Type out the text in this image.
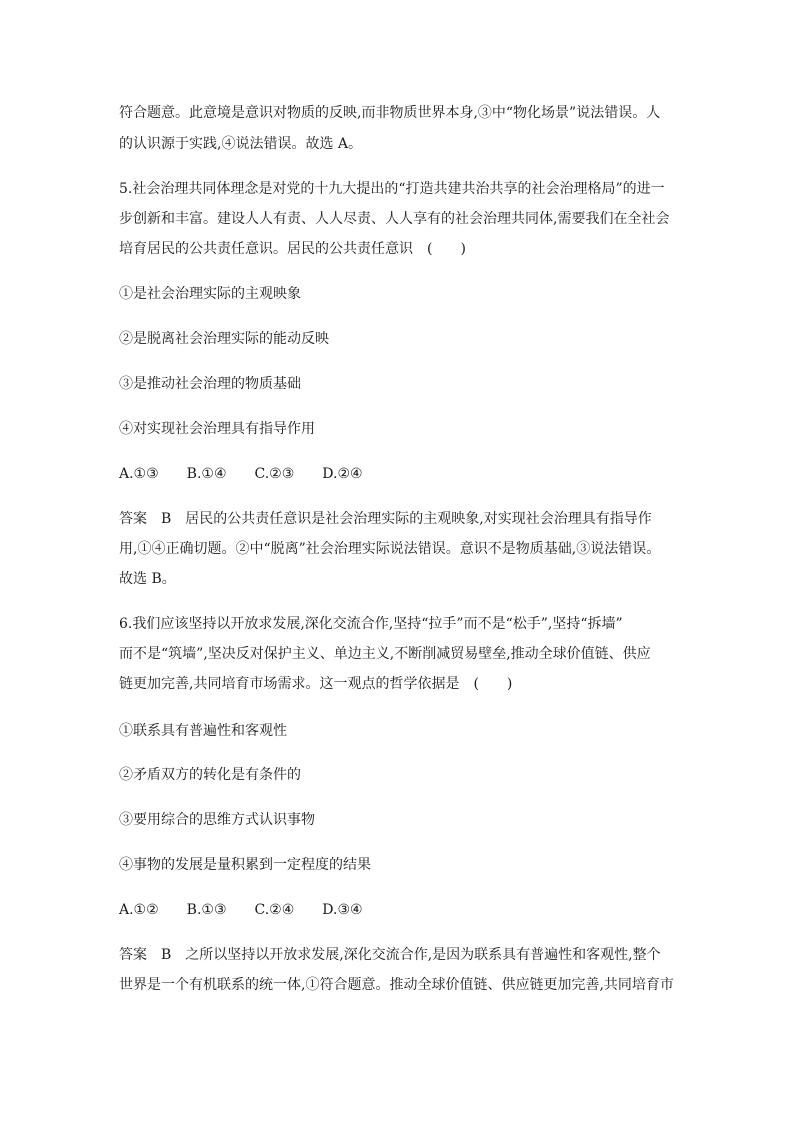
符合题意。此意境是意识对物质的反映,而非物质世界本身,③中“物化场景”说法错误。人
的认识源于实践,④说法错误。故选 A。
5.社会治理共同体理念是对党的十九大提出的“打造共建共治共享的社会治理格局”的进一
步创新和丰富。建设人人有责、人人尽责、人人享有的社会治理共同体,需要我们在全社会
培育居民的公共责任意识。居民的公共责任意识　(　　)
①是社会治理实际的主观映象
②是脱离社会治理实际的能动反映
③是推动社会治理的物质基础
④对实现社会治理具有指导作用
A.①③　　B.①④　　C.②③　　D.②④
答案　B　居民的公共责任意识是社会治理实际的主观映象,对实现社会治理具有指导作
用,①④正确切题。②中“脱离”社会治理实际说法错误。意识不是物质基础,③说法错误。
故选 B。
6.我们应该坚持以开放求发展,深化交流合作,坚持“拉手”而不是“松手”,坚持“拆墙”
而不是“筑墙”,坚决反对保护主义、单边主义,不断削减贸易壁垒,推动全球价值链、供应
链更加完善,共同培育市场需求。这一观点的哲学依据是　(　　)
①联系具有普遍性和客观性
②矛盾双方的转化是有条件的
③要用综合的思维方式认识事物
④事物的发展是量积累到一定程度的结果
A.①②　　B.①③　　C.②④　　D.③④
答案　B　之所以坚持以开放求发展,深化交流合作,是因为联系具有普遍性和客观性,整个
世界是一个有机联系的统一体,①符合题意。推动全球价值链、供应链更加完善,共同培育市
